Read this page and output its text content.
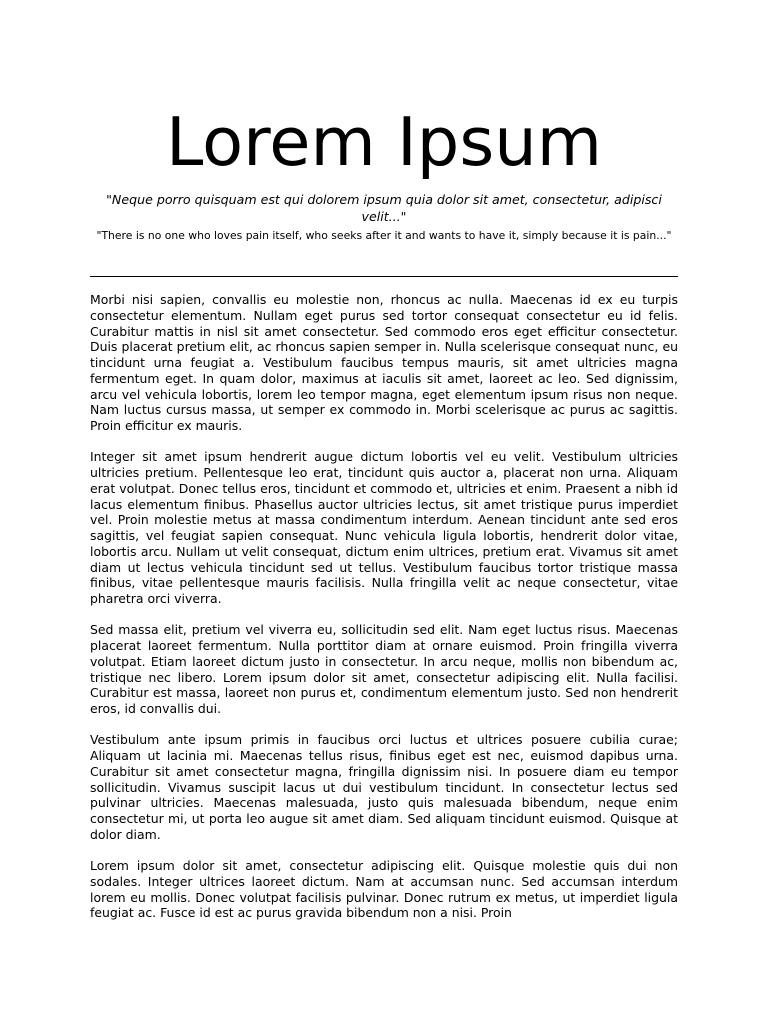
Lorem Ipsum

"Neque porro quisquam est qui dolorem ipsum quia dolor sit amet, consectetur, adipisci velit..."

"There is no one who loves pain itself, who seeks after it and wants to have it, simply because it is pain..."

Morbi nisi sapien, convallis eu molestie non, rhoncus ac nulla. Maecenas id ex eu turpis consectetur elementum. Nullam eget purus sed tortor consequat consectetur eu id felis. Curabitur mattis in nisl sit amet consectetur. Sed commodo eros eget efficitur consectetur. Duis placerat pretium elit, ac rhoncus sapien semper in. Nulla scelerisque consequat nunc, eu tincidunt urna feugiat a. Vestibulum faucibus tempus mauris, sit amet ultricies magna fermentum eget. In quam dolor, maximus at iaculis sit amet, laoreet ac leo. Sed dignissim, arcu vel vehicula lobortis, lorem leo tempor magna, eget elementum ipsum risus non neque. Nam luctus cursus massa, ut semper ex commodo in. Morbi scelerisque ac purus ac sagittis. Proin efficitur ex mauris.

Integer sit amet ipsum hendrerit augue dictum lobortis vel eu velit. Vestibulum ultricies ultricies pretium. Pellentesque leo erat, tincidunt quis auctor a, placerat non urna. Aliquam erat volutpat. Donec tellus eros, tincidunt et commodo et, ultricies et enim. Praesent a nibh id lacus elementum finibus. Phasellus auctor ultricies lectus, sit amet tristique purus imperdiet vel. Proin molestie metus at massa condimentum interdum. Aenean tincidunt ante sed eros sagittis, vel feugiat sapien consequat. Nunc vehicula ligula lobortis, hendrerit dolor vitae, lobortis arcu. Nullam ut velit consequat, dictum enim ultrices, pretium erat. Vivamus sit amet diam ut lectus vehicula tincidunt sed ut tellus. Vestibulum faucibus tortor tristique massa finibus, vitae pellentesque mauris facilisis. Nulla fringilla velit ac neque consectetur, vitae pharetra orci viverra.

Sed massa elit, pretium vel viverra eu, sollicitudin sed elit. Nam eget luctus risus. Maecenas placerat laoreet fermentum. Nulla porttitor diam at ornare euismod. Proin fringilla viverra volutpat. Etiam laoreet dictum justo in consectetur. In arcu neque, mollis non bibendum ac, tristique nec libero. Lorem ipsum dolor sit amet, consectetur adipiscing elit. Nulla facilisi. Curabitur est massa, laoreet non purus et, condimentum elementum justo. Sed non hendrerit eros, id convallis dui.

Vestibulum ante ipsum primis in faucibus orci luctus et ultrices posuere cubilia curae; Aliquam ut lacinia mi. Maecenas tellus risus, finibus eget est nec, euismod dapibus urna. Curabitur sit amet consectetur magna, fringilla dignissim nisi. In posuere diam eu tempor sollicitudin. Vivamus suscipit lacus ut dui vestibulum tincidunt. In consectetur lectus sed pulvinar ultricies. Maecenas malesuada, justo quis malesuada bibendum, neque enim consectetur mi, ut porta leo augue sit amet diam. Sed aliquam tincidunt euismod. Quisque at dolor diam.

Lorem ipsum dolor sit amet, consectetur adipiscing elit. Quisque molestie quis dui non sodales. Integer ultrices laoreet dictum. Nam at accumsan nunc. Sed accumsan interdum lorem eu mollis. Donec volutpat facilisis pulvinar. Donec rutrum ex metus, ut imperdiet ligula feugiat ac. Fusce id est ac purus gravida bibendum non a nisi. Proin
